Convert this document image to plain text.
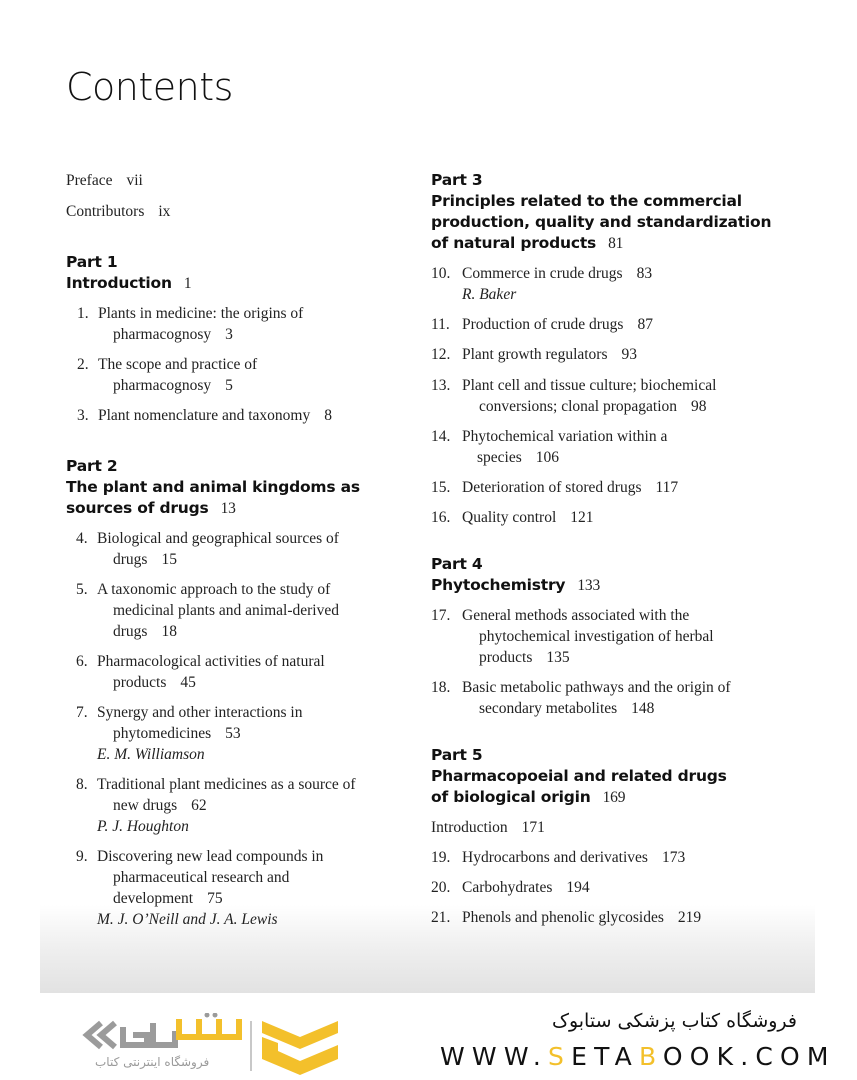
Contents
Preface vii
Contributors ix
Part 1
Introduction 1
1. Plants in medicine: the origins of
pharmacognosy 3
2. The scope and practice of
pharmacognosy 5
3. Plant nomenclature and taxonomy 8
Part 2
The plant and animal kingdoms as
sources of drugs 13
4. Biological and geographical sources of
drugs 15
5. A taxonomic approach to the study of
medicinal plants and animal-derived
drugs 18
6. Pharmacological activities of natural
products 45
7. Synergy and other interactions in
phytomedicines 53
E. M. Williamson
8. Traditional plant medicines as a source of
new drugs 62
P. J. Houghton
9. Discovering new lead compounds in
pharmaceutical research and
development 75
M. J. O’Neill and J. A. Lewis
Part 3
Principles related to the commercial
production, quality and standardization
of natural products 81
10. Commerce in crude drugs 83
R. Baker
11. Production of crude drugs 87
12. Plant growth regulators 93
13. Plant cell and tissue culture; biochemical
conversions; clonal propagation 98
14. Phytochemical variation within a
species 106
15. Deterioration of stored drugs 117
16. Quality control 121
Part 4
Phytochemistry 133
17. General methods associated with the
phytochemical investigation of herbal
products 135
18. Basic metabolic pathways and the origin of
secondary metabolites 148
Part 5
Pharmacopoeial and related drugs
of biological origin 169
Introduction 171
19. Hydrocarbons and derivatives 173
20. Carbohydrates 194
21. Phenols and phenolic glycosides 219
فروشگاه اینترنتی کتاب
فروشگاه کتاب پزشکی ستابوک
WWW.SETABOOK.COM
